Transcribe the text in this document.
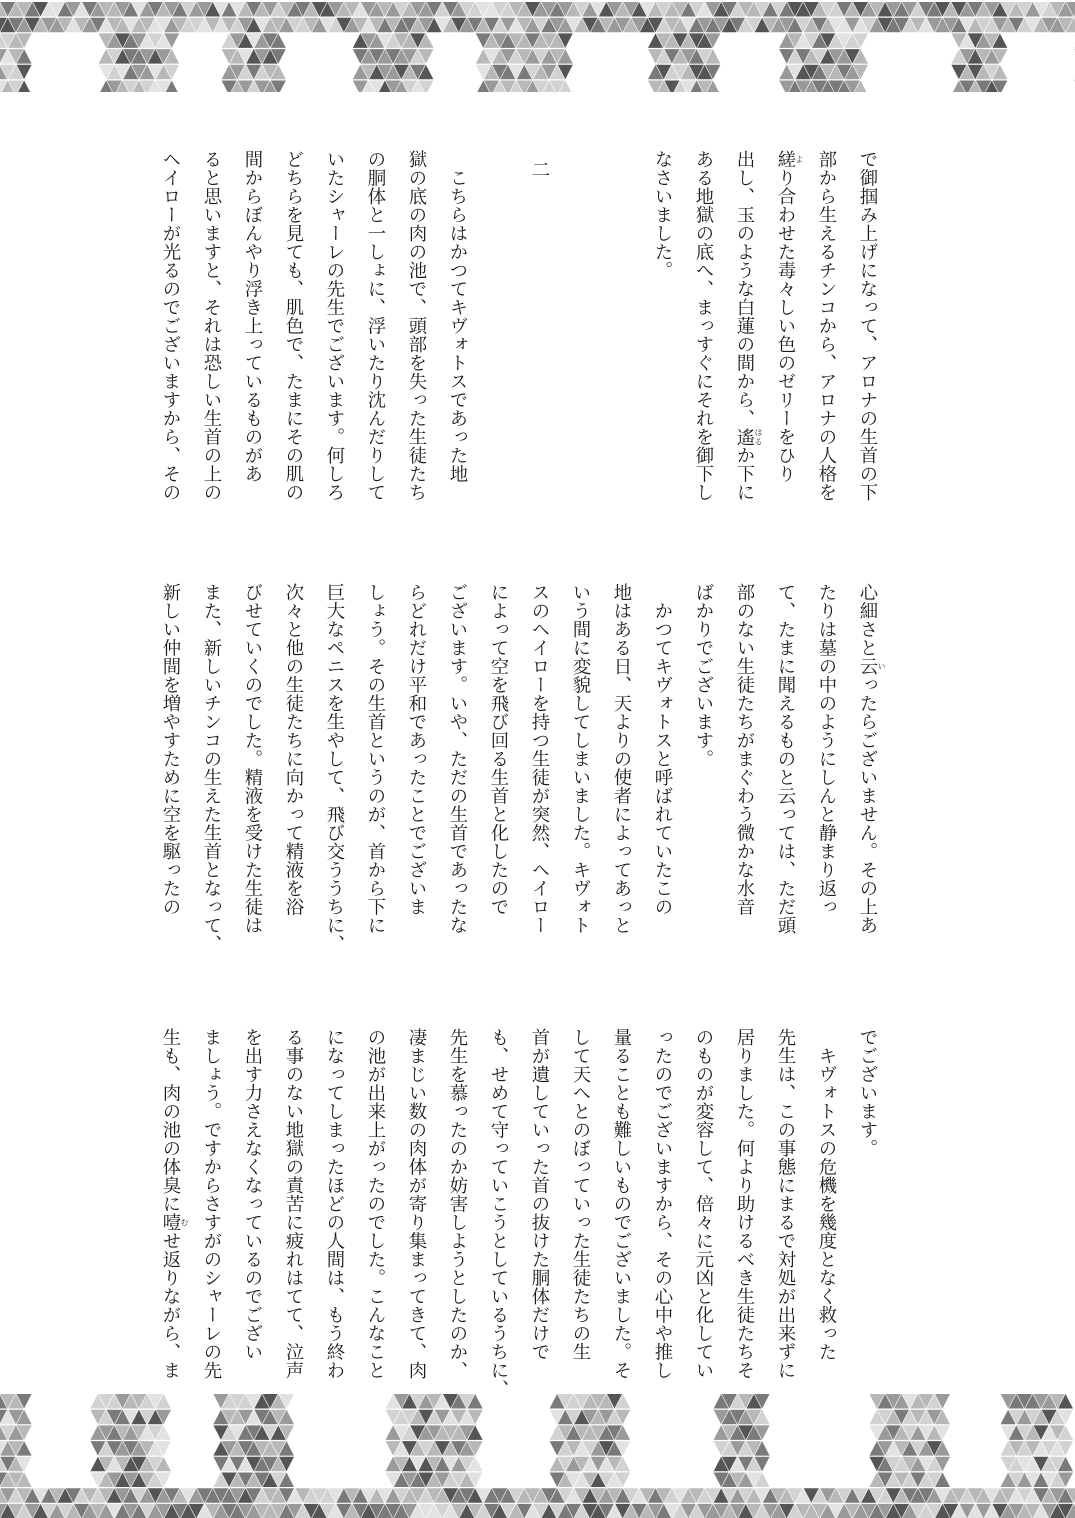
で御掴み上げになって、アロナの生首の下
部から生えるチンコから、アロナの人格を
縒 より合わせた毒々しい色のゼリーをひり
出し、玉のような白蓮の間から、遙 はるか下に
ある地獄の底へ、まっすぐにそれを御下し
なさいました。
二
　こちらはかつてキヴォトスであった地
獄の底の肉の池で、頭部を失った生徒たち
の胴体と一しょに、浮いたり沈んだりして
いたシャーレの先生でございます。何しろ
どちらを見ても、肌色で、たまにその肌の
間からぼんやり浮き上っているものがあ
ると思いますと、それは恐しい生首の上の
ヘイローが光るのでございますから、その
心細さと云 いったらございません。その上あ
たりは墓の中のようにしんと静まり返っ
て、たまに聞えるものと云っては、ただ頭
部のない生徒たちがまぐわう微かな水音
ばかりでございます。
　かつてキヴォトスと呼ばれていたこの
地はある日、天よりの使者によってあっと
いう間に変貌してしまいました。キヴォト
スのヘイローを持つ生徒が突然、ヘイロー
によって空を飛び回る生首と化したので
ございます。いや、ただの生首であったな
らどれだけ平和であったことでございま
しょう。その生首というのが、首から下に
巨大なペニスを生やして、飛び交ううちに、
次々と他の生徒たちに向かって精液を浴
びせていくのでした。精液を受けた生徒は
また、新しいチンコの生えた生首となって、
新しい仲間を増やすために空を駆ったの
でございます。
　キヴォトスの危機を幾度となく救った
先生は、この事態にまるで対処が出来ずに
居りました。何より助けるべき生徒たちそ
のものが変容して、倍々に元凶と化してい
ったのでございますから、その心中や推し
量ることも難しいものでございました。そ
して天へとのぼっていった生徒たちの生
首が遺していった首の抜けた胴体だけで
も、せめて守っていこうとしているうちに、
先生を慕ったのか妨害しようとしたのか、
凄まじい数の肉体が寄り集まってきて、肉
の池が出来上がったのでした。こんなこと
になってしまったほどの人間は、もう終わ
る事のない地獄の責苦に疲れはてて、泣声
を出す力さえなくなっているのでござい
ましょう。ですからさすがのシャーレの先
生も、肉の池の体臭に噎 むせ返りながら、ま
